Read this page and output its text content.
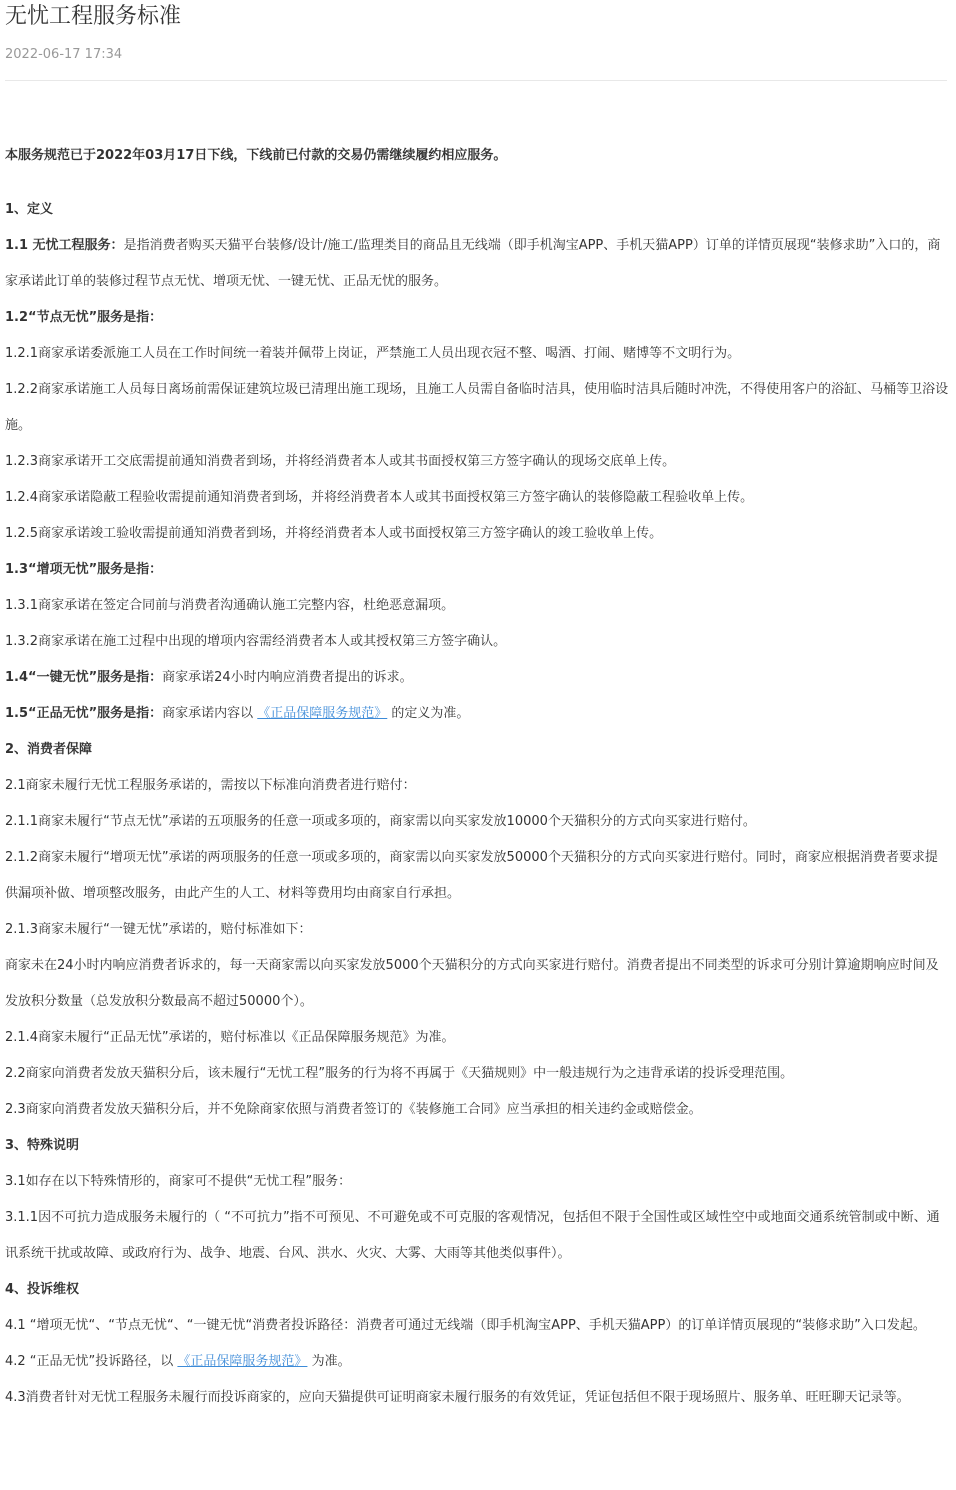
无忧工程服务标准
2022-06-17 17:34

本服务规范已于2022年03月17日下线，下线前已付款的交易仍需继续履约相应服务。

1、定义

1.1 无忧工程服务：是指消费者购买天猫平台装修/设计/施工/监理类目的商品且无线端（即手机淘宝APP、手机天猫APP）订单的详情页展现“装修求助”入口的，商家承诺此订单的装修过程节点无忧、增项无忧、一键无忧、正品无忧的服务。

1.2“节点无忧”服务是指：

1.2.1商家承诺委派施工人员在工作时间统一着装并佩带上岗证，严禁施工人员出现衣冠不整、喝酒、打闹、赌博等不文明行为。

1.2.2商家承诺施工人员每日离场前需保证建筑垃圾已清理出施工现场，且施工人员需自备临时洁具，使用临时洁具后随时冲洗，不得使用客户的浴缸、马桶等卫浴设施。

1.2.3商家承诺开工交底需提前通知消费者到场，并将经消费者本人或其书面授权第三方签字确认的现场交底单上传。

1.2.4商家承诺隐蔽工程验收需提前通知消费者到场，并将经消费者本人或其书面授权第三方签字确认的装修隐蔽工程验收单上传。

1.2.5商家承诺竣工验收需提前通知消费者到场，并将经消费者本人或书面授权第三方签字确认的竣工验收单上传。

1.3“增项无忧”服务是指：

1.3.1商家承诺在签定合同前与消费者沟通确认施工完整内容，杜绝恶意漏项。

1.3.2商家承诺在施工过程中出现的增项内容需经消费者本人或其授权第三方签字确认。

1.4“一键无忧”服务是指：商家承诺24小时内响应消费者提出的诉求。

1.5“正品无忧”服务是指：商家承诺内容以 《正品保障服务规范》 的定义为准。

2、消费者保障

2.1商家未履行无忧工程服务承诺的，需按以下标准向消费者进行赔付：

2.1.1商家未履行“节点无忧”承诺的五项服务的任意一项或多项的，商家需以向买家发放10000个天猫积分的方式向买家进行赔付。

2.1.2商家未履行“增项无忧”承诺的两项服务的任意一项或多项的，商家需以向买家发放50000个天猫积分的方式向买家进行赔付。同时，商家应根据消费者要求提供漏项补做、增项整改服务，由此产生的人工、材料等费用均由商家自行承担。

2.1.3商家未履行“一键无忧”承诺的，赔付标准如下：

商家未在24小时内响应消费者诉求的，每一天商家需以向买家发放5000个天猫积分的方式向买家进行赔付。消费者提出不同类型的诉求可分别计算逾期响应时间及发放积分数量（总发放积分数最高不超过50000个）。

2.1.4商家未履行“正品无忧”承诺的，赔付标准以《正品保障服务规范》为准。

2.2商家向消费者发放天猫积分后，该未履行“无忧工程”服务的行为将不再属于《天猫规则》中一般违规行为之违背承诺的投诉受理范围。

2.3商家向消费者发放天猫积分后，并不免除商家依照与消费者签订的《装修施工合同》应当承担的相关违约金或赔偿金。

3、特殊说明

3.1如存在以下特殊情形的，商家可不提供“无忧工程”服务：

3.1.1因不可抗力造成服务未履行的（ “不可抗力”指不可预见、不可避免或不可克服的客观情况，包括但不限于全国性或区域性空中或地面交通系统管制或中断、通讯系统干扰或故障、或政府行为、战争、地震、台风、洪水、火灾、大雾、大雨等其他类似事件）。

4、投诉维权

4.1 “增项无忧“、“节点无忧“、“一键无忧“消费者投诉路径：消费者可通过无线端（即手机淘宝APP、手机天猫APP）的订单详情页展现的“装修求助”入口发起。

4.2 “正品无忧”投诉路径，以 《正品保障服务规范》 为准。

4.3消费者针对无忧工程服务未履行而投诉商家的，应向天猫提供可证明商家未履行服务的有效凭证，凭证包括但不限于现场照片、服务单、旺旺聊天记录等。
